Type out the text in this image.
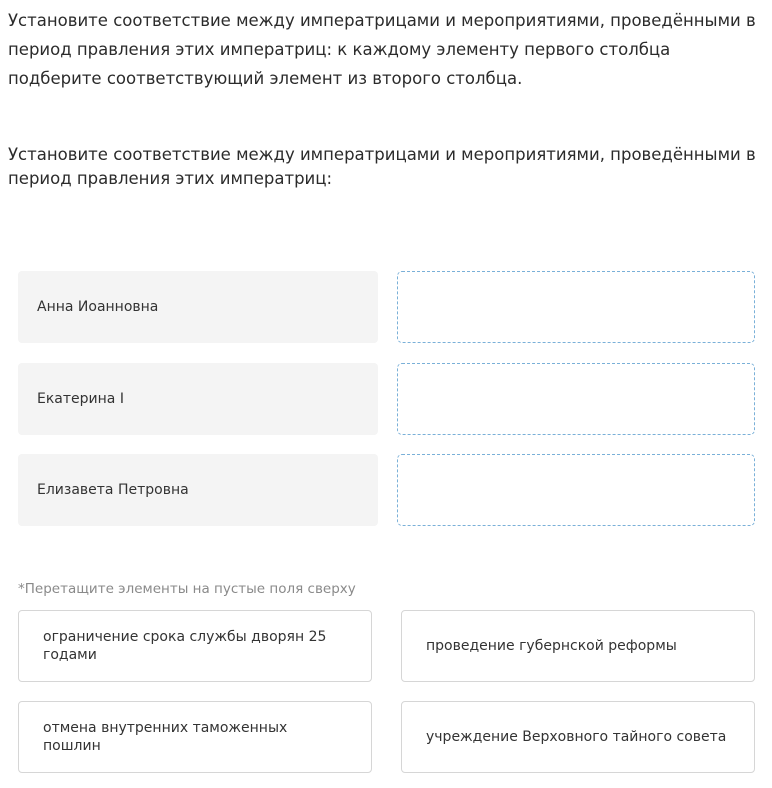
Установите соответствие между императрицами и мероприятиями, проведёнными в период правления этих императриц: к каждому элементу первого столбца подберите соответствующий элемент из второго столбца.

Установите соответствие между императрицами и мероприятиями, проведёнными в период правления этих императриц:

Анна Иоанновна
Екатерина I
Елизавета Петровна
*Перетащите элементы на пустые поля сверху
ограничение срока службы дворян 25 годами
проведение губернской реформы
отмена внутренних таможенных пошлин
учреждение Верховного тайного совета
